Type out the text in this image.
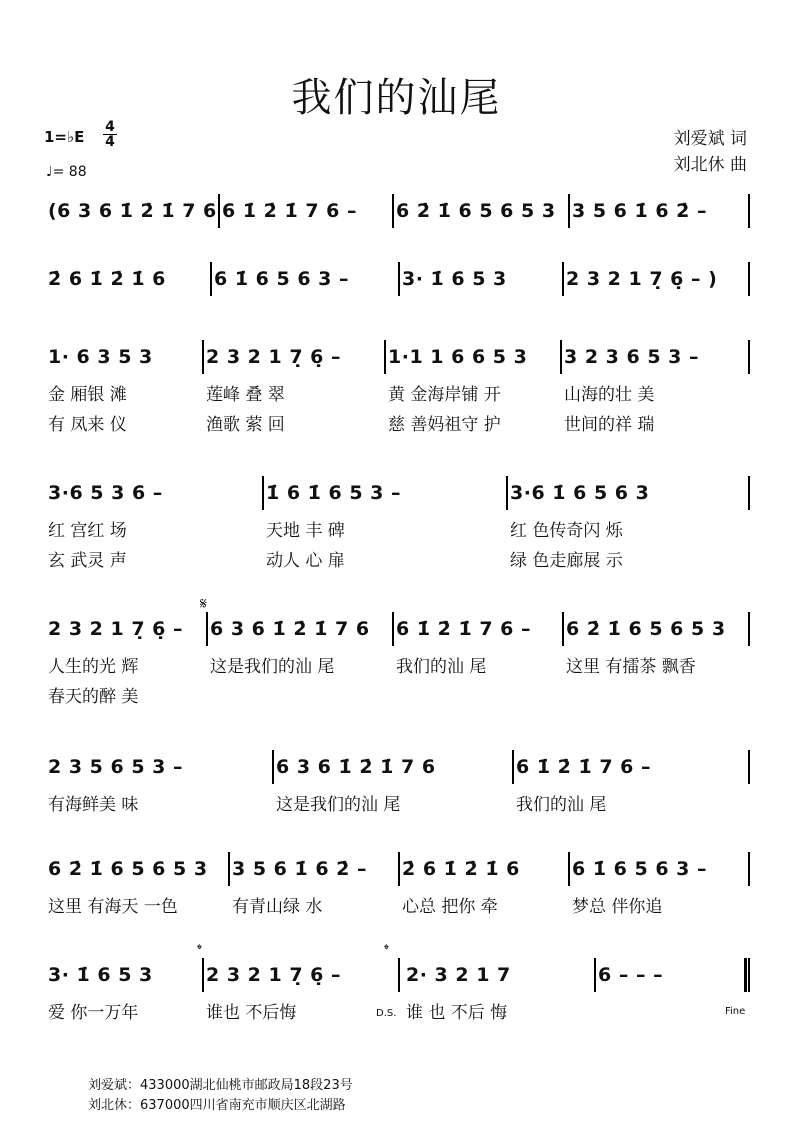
我们的汕尾
1=♭E
4
4
♩= 88
刘爱斌 词
刘北休 曲
(6 3 6 1̇ 2̇ 1̇ 7 6 6 1̇ 2̇ 1̇ 7 6 – 6 2̇ 1̇ 6 5 6 5 3 3 5 6 1̇ 6 2̇ –
2̇ 6 1̇ 2̇ 1̇ 6	6 1̇ 6 5 6 3 –	3· 1̇ 6 5 3	2 3 2 1 7̣ 6̣ – )
1· 6 3 5 3
金 厢银 滩
有 凤来 仪
2 3 2 1 7̣ 6̣ –
莲峰 叠 翠
渔歌 萦 回
1·1 1 6 6 5 3
黄 金海岸铺 开
慈 善妈祖守 护
3 2 3 6 5 3 –
山海的壮 美
世间的祥 瑞
3·6 5 3 6 –
红 宫红 场
玄 武灵 声
1̇ 6 1̇ 6 5 3 –
天地 丰 碑
动人 心 扉
3·6 1̇ 6 5 6 3
红 色传奇闪 烁
绿 色走廊展 示
2 3 2 1 7̣ 6̣ –
人生的光 辉
春天的醉 美
6 3 6 1̇ 2̇ 1̇ 7 6
这是我们的汕 尾
6 1̇ 2̇ 1̇ 7 6 –
我们的汕 尾
6 2̇ 1̇ 6 5 6 5 3
这里 有擂茶 飘香
2 3 5 6 5 3 –
有海鲜美 味
6 3 6 1̇ 2̇ 1̇ 7 6
这是我们的汕 尾
6 1̇ 2̇ 1̇ 7 6 –
我们的汕 尾
6 2̇ 1̇ 6 5 6 5 3
这里 有海天 一色
3 5 6 1̇ 6 2̇ –
有青山绿 水
2̇ 6 1̇ 2̇ 1̇ 6
心总 把你 牵
6 1̇ 6 5 6 3 –
梦总 伴你追
3· 1̇ 6 5 3
爱 你一万年
2 3 2 1 7̣ 6̣ –
谁也 不后悔
2· 3 2 1 7
谁 也 不后 悔
6 – – –
𝄋
𝄌	𝄌
D.S.	Fine
刘爱斌：433000湖北仙桃市邮政局18段23号
刘北休：637000四川省南充市顺庆区北湖路
